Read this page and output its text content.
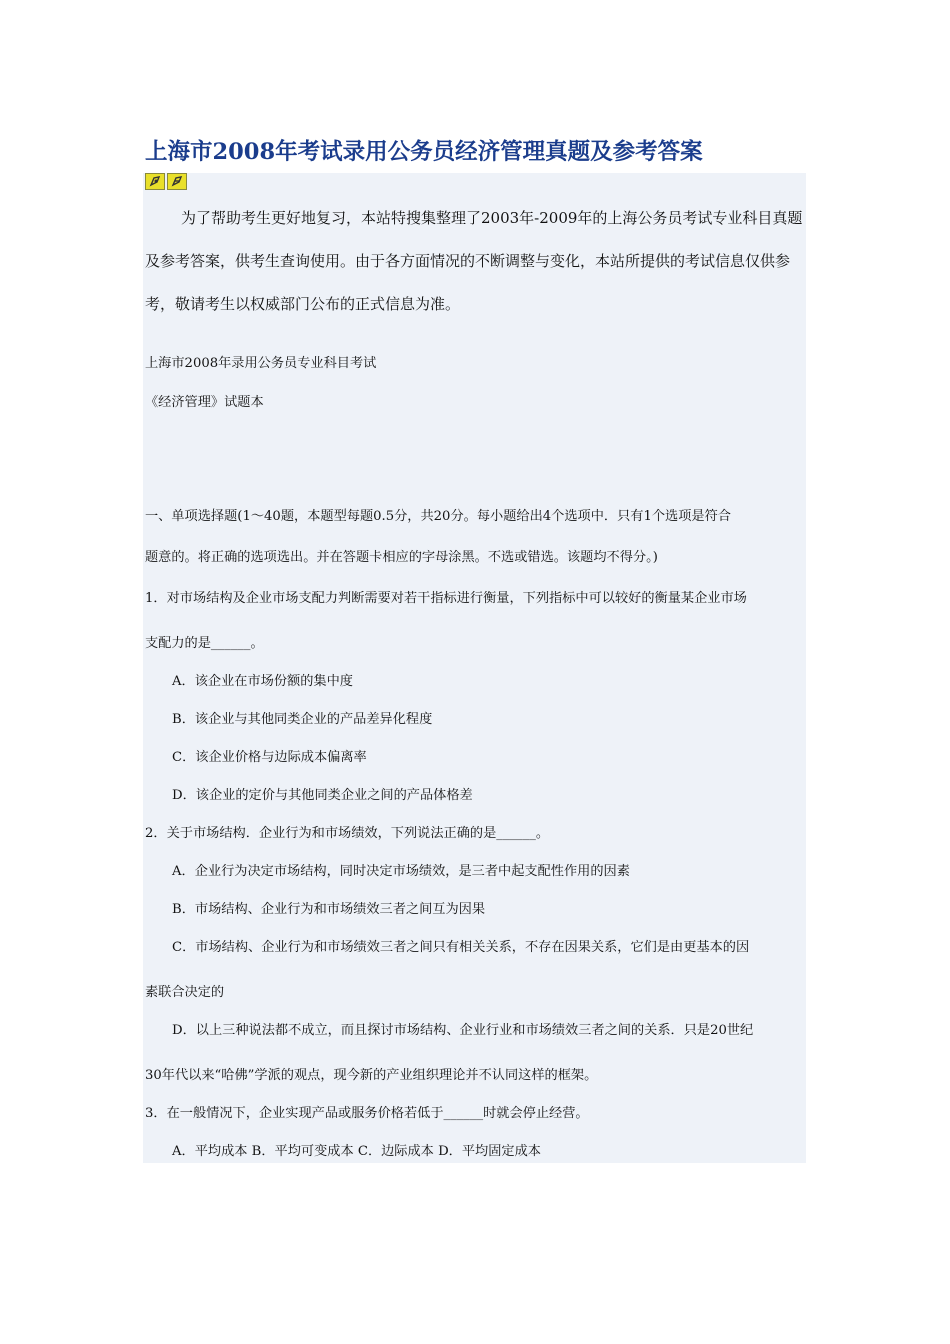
上海市2008年考试录用公务员经济管理真题及参考答案

为了帮助考生更好地复习，本站特搜集整理了2003年-2009年的上海公务员考试专业科目真题及参考答案，供考生查询使用。由于各方面情况的不断调整与变化，本站所提供的考试信息仅供参考，敬请考生以权威部门公布的正式信息为准。

上海市2008年录用公务员专业科目考试
《经济管理》试题本
一、单项选择题(1～40题，本题型每题0.5分，共20分。每小题给出4个选项中．只有1个选项是符合
题意的。将正确的选项选出。并在答题卡相应的字母涂黑。不选或错选。该题均不得分。)
1．对市场结构及企业市场支配力判断需要对若干指标进行衡量，下列指标中可以较好的衡量某企业市场
支配力的是______。
A．该企业在市场份额的集中度
B．该企业与其他同类企业的产品差异化程度
C．该企业价格与边际成本偏离率
D．该企业的定价与其他同类企业之间的产品体格差
2．关于市场结构．企业行为和市场绩效，下列说法正确的是______。
A．企业行为决定市场结构，同时决定市场绩效，是三者中起支配性作用的因素
B．市场结构、企业行为和市场绩效三者之间互为因果
C．市场结构、企业行为和市场绩效三者之间只有相关关系，不存在因果关系，它们是由更基本的因
素联合决定的
D．以上三种说法都不成立，而且探讨市场结构、企业行业和市场绩效三者之间的关系．只是20世纪
30年代以来“哈佛”学派的观点，现今新的产业组织理论并不认同这样的框架。
3．在一般情况下，企业实现产品或服务价格若低于______时就会停止经营。
A．平均成本 B．平均可变成本 C．边际成本 D．平均固定成本
